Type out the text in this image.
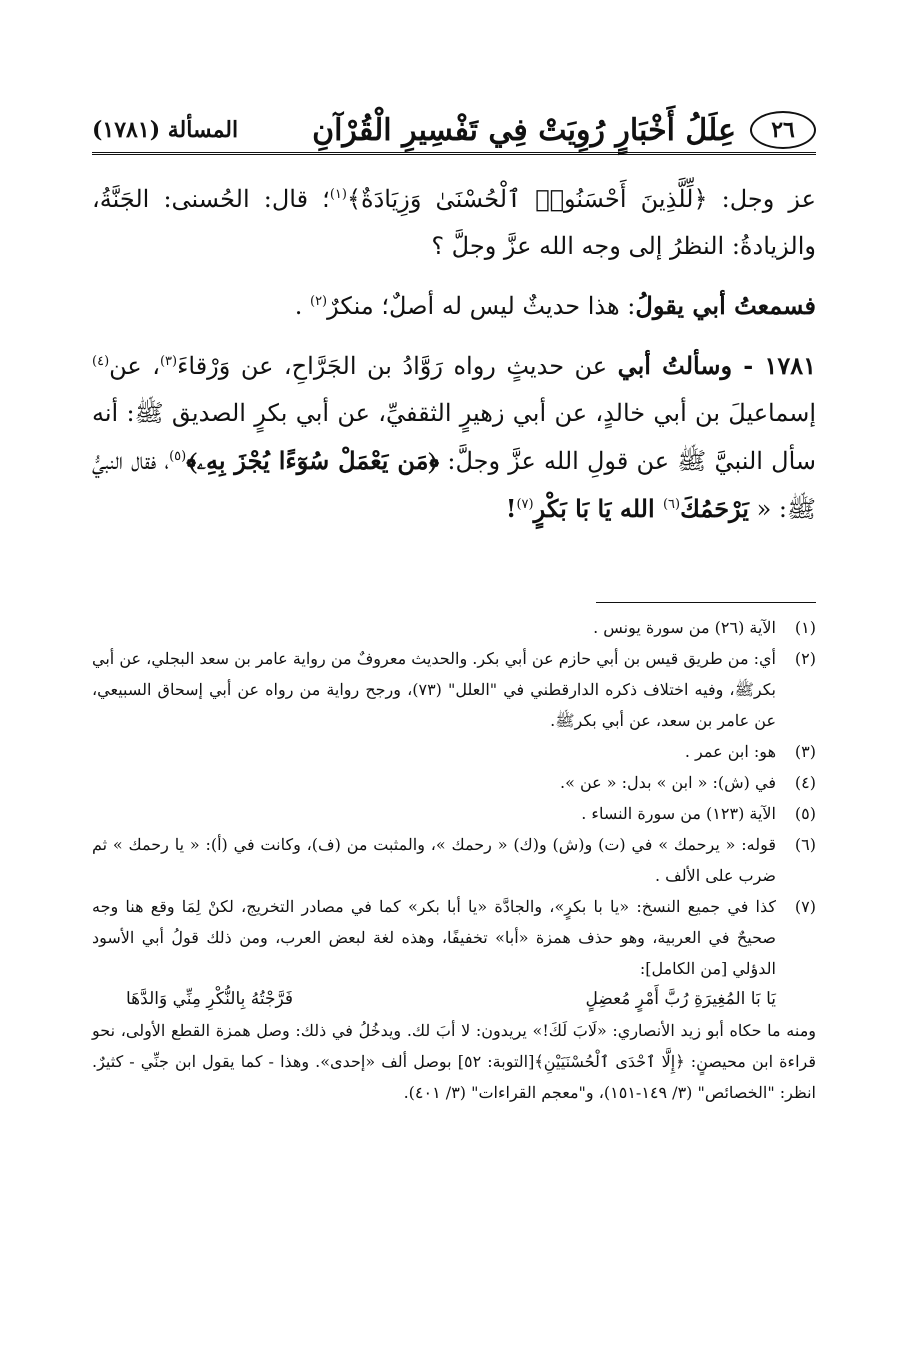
٢٦
عِلَلُ أَخْبَارٍ رُوِيَتْ فِي تَفْسِيرِ الْقُرْآنِ
المسألة (١٧٨١)

عز وجل: ﴿لِّلَّذِينَ أَحْسَنُوا۟ ٱلْحُسْنَىٰ وَزِيَادَةٌ﴾$^{(١)}$؛ قال: الحُسنى: الجَنَّةُ، والزيادةُ: النظرُ إلى وجه الله عزَّ وجلَّ ؟

فسمعتُ أبي يقولُ: هذا حديثٌ ليس له أصلٌ؛ منكرٌ$^{(٢)}$ .

١٧٨١ - وسألتُ أبي عن حديثٍ رواه رَوَّادُ بن الجَرَّاحِ، عن وَرْقاءَ$^{(٣)}$، عن$^{(٤)}$ إسماعيلَ بن أبي خالدٍ، عن أبي زهيرٍ الثقفيِّ، عن أبي بكرٍ الصديق ﷺ: أنه سأل النبيَّ ﷺ عن قولِ الله عزَّ وجلَّ: ﴿مَن يَعْمَلْ سُوٓءًا يُجْزَ بِهِۦ﴾$^{(٥)}$، فقال النبيُّ ﷺ: « يَرْحَمُكَ$^{(٦)}$ الله يَا بَا بَكْرٍ$^{(٧)}$!

(١)
الآية (٢٦) من سورة يونس .
(٢)
أي: من طريق قيس بن أبي حازم عن أبي بكر. والحديث معروفٌ من رواية عامر بن سعد البجلي، عن أبي بكرﷺ، وفيه اختلاف ذكره الدارقطني في "العلل" (٧٣)، ورجح رواية من رواه عن أبي إسحاق السبيعي، عن عامر بن سعد، عن أبي بكرﷺ.
(٣)
هو: ابن عمر .
(٤)
في (ش): « ابن » بدل: « عن ».
(٥)
الآية (١٢٣) من سورة النساء .
(٦)
قوله: « يرحمك » في (ت) و(ش) و(ك) « رحمك »، والمثبت من (ف)، وكانت في (أ): « يا رحمك » ثم ضرب على الألف .
(٧)
كذا في جميع النسخ: «يا با بكرٍ»، والجادَّة «يا أبا بكر» كما في مصادر التخريج، لكنْ لِمَا وقع هنا وجه صحيحٌ في العربية، وهو حذف همزة «أبا» تخفيفًا، وهذه لغة لبعض العرب، ومن ذلك قولُ أبي الأسود الدؤلي [من الكامل]:
يَا بَا المُغِيرَةِ رُبَّ أَمْرٍ مُعضِلٍ
فَرَّجْتُهُ بِالنُّكْرِ مِنِّي وَالدَّهَا
ومنه ما حكاه أبو زيد الأنصاري: «لَابَ لَكَ!» يريدون: لا أبَ لك. ويدخُلُ في ذلك: وصل همزة القطع الأولى، نحو قراءة ابن محيصنٍ: ﴿إِلَّا ٱحْدَى ٱلْحُسْنَيَيْنِ﴾[التوبة: ٥٢] بوصل ألف «إحدى». وهذا - كما يقول ابن جنِّي - كثيرٌ. انظر: "الخصائص" (٣/ ١٤٩-١٥١)، و"معجم القراءات" (٣/ ٤٠١).
